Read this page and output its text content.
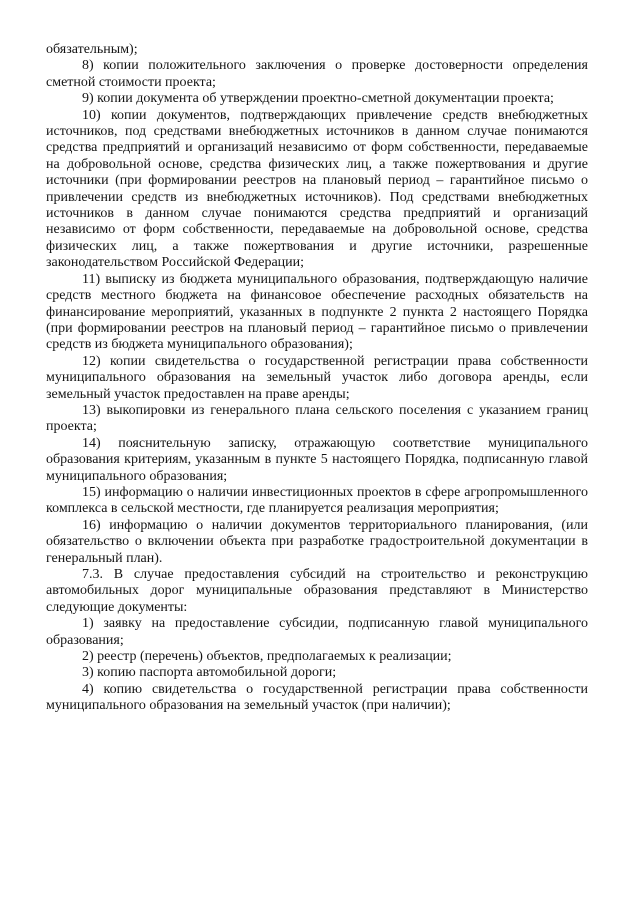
обязательным);

8) копии положительного заключения о проверке достоверности определения сметной стоимости проекта;

9) копии документа об утверждении проектно-сметной документации проекта;

10) копии документов, подтверждающих привлечение средств внебюджетных источников, под средствами внебюджетных источников в данном случае понимаются средства предприятий и организаций независимо от форм собственности, передаваемые на добровольной основе, средства физических лиц, а также пожертвования и другие источники (при формировании реестров на плановый период – гарантийное письмо о привлечении средств из внебюджетных источников). Под средствами внебюджетных источников в данном случае понимаются средства предприятий и организаций независимо от форм собственности, передаваемые на добровольной основе, средства физических лиц, а также пожертвования и другие источники, разрешенные законодательством Российской Федерации;

11) выписку из бюджета муниципального образования, подтверждающую наличие средств местного бюджета на финансовое обеспечение расходных обязательств на финансирование мероприятий, указанных в подпункте 2 пункта 2 настоящего Порядка (при формировании реестров на плановый период – гарантийное письмо о привлечении средств из бюджета муниципального образования);

12) копии свидетельства о государственной регистрации права собственности муниципального образования на земельный участок либо договора аренды, если земельный участок предоставлен на праве аренды;

13) выкопировки из генерального плана сельского поселения с указанием границ проекта;

14) пояснительную записку, отражающую соответствие муниципального образования критериям, указанным в пункте 5 настоящего Порядка, подписанную главой муниципального образования;

15) информацию о наличии инвестиционных проектов в сфере агропромышленного комплекса в сельской местности, где планируется реализация мероприятия;

16) информацию о наличии документов территориального планирования, (или обязательство о включении объекта при разработке градостроительной документации в генеральный план).

7.3. В случае предоставления субсидий на строительство и реконструкцию автомобильных дорог муниципальные образования представляют в Министерство следующие документы:

1) заявку на предоставление субсидии, подписанную главой муниципального образования;

2) реестр (перечень) объектов, предполагаемых к реализации;

3) копию паспорта автомобильной дороги;

4) копию свидетельства о государственной регистрации права собственности муниципального образования на земельный участок (при наличии);
